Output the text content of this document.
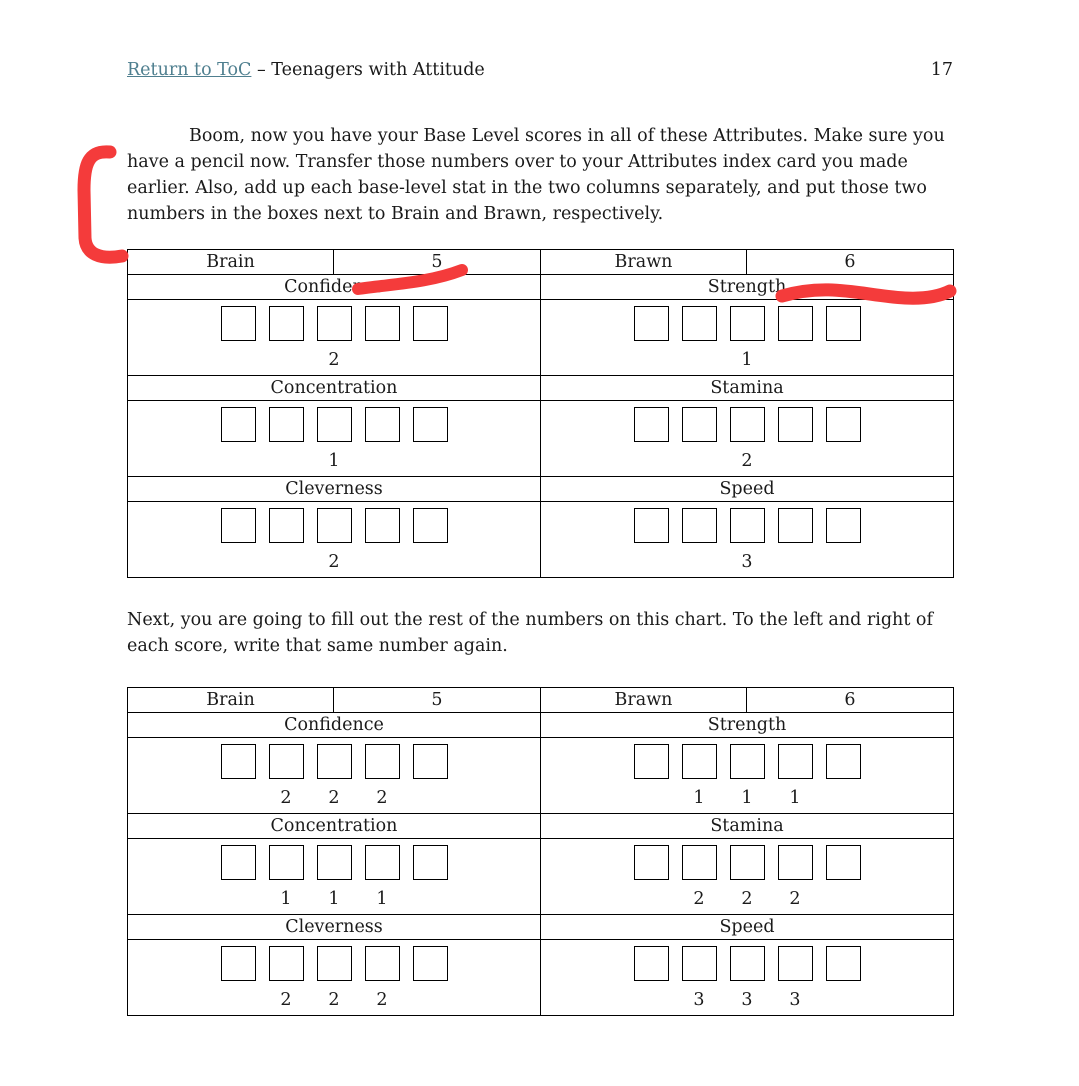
Return to ToC – Teenagers with Attitude	17

Boom, now you have your Base Level scores in all of these Attributes. Make sure you have a pencil now. Transfer those numbers over to your Attributes index card you made earlier. Also, add up each base-level stat in the two columns separately, and put those two numbers in the boxes next to Brain and Brawn, respectively.

Brain	5	Brawn	6
Confidence		Strength	

2		1	

Concentration		Stamina	

1		2	

Cleverness		Speed	

2		3	

Next, you are going to fill out the rest of the numbers on this chart. To the left and right of each score, write that same number again.

Brain	5	Brawn	6
Confidence		Strength	

2 2 2		1 1 1	

Concentration		Stamina	

1 1 1		2 2 2	

Cleverness		Speed	

2 2 2		3 3 3	
